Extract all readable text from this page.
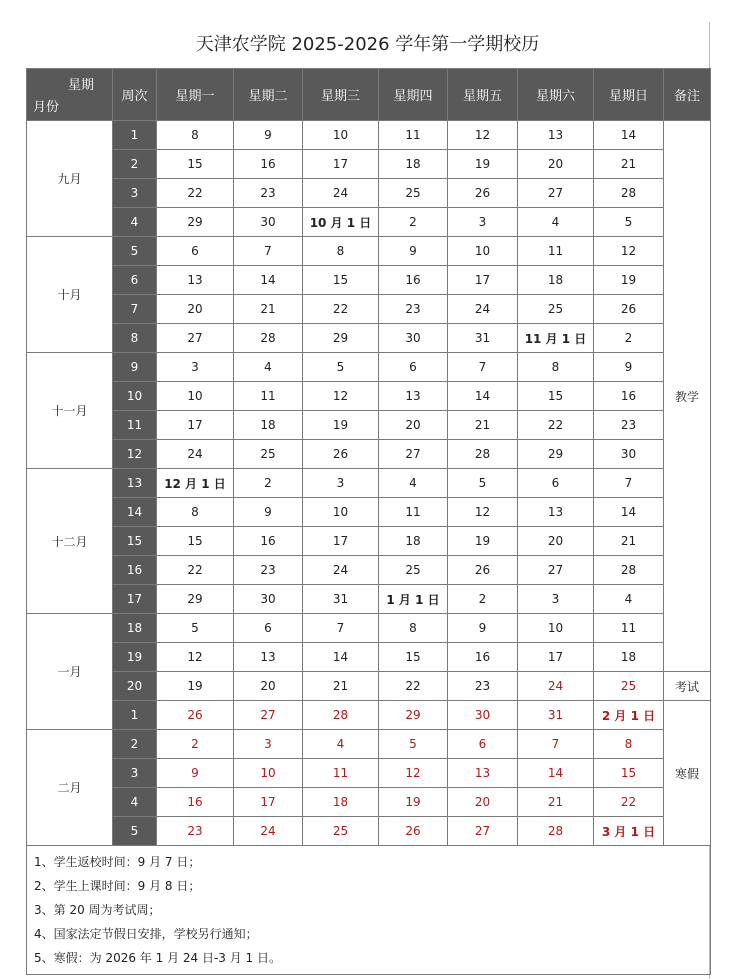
天津农学院 2025-2026 学年第一学期校历
星期
月份	周次	星期一	星期二	星期三	星期四	星期五	星期六	星期日	备注
九月	1	8	9	10	11	12	13	14	教学
	2	15	16	17	18	19	20	21	
	3	22	23	24	25	26	27	28	
	4	29	30	10 月 1 日	2	3	4	5	
十月	5	6	7	8	9	10	11	12	
	6	13	14	15	16	17	18	19	
	7	20	21	22	23	24	25	26	
	8	27	28	29	30	31	11 月 1 日	2	
十一月	9	3	4	5	6	7	8	9	
	10	10	11	12	13	14	15	16	
	11	17	18	19	20	21	22	23	
	12	24	25	26	27	28	29	30	
十二月	13	12 月 1 日	2	3	4	5	6	7	
	14	8	9	10	11	12	13	14	
	15	15	16	17	18	19	20	21	
	16	22	23	24	25	26	27	28	
	17	29	30	31	1 月 1 日	2	3	4	
一月	18	5	6	7	8	9	10	11	
	19	12	13	14	15	16	17	18	
	20	19	20	21	22	23	24	25	考试
	1	26	27	28	29	30	31	2 月 1 日	寒假
二月	2	2	3	4	5	6	7	8	
	3	9	10	11	12	13	14	15	
	4	16	17	18	19	20	21	22	
	5	23	24	25	26	27	28	3 月 1 日	

1、学生返校时间：9 月 7 日；
2、学生上课时间：9 月 8 日；
3、第 20 周为考试周；
4、国家法定节假日安排，学校另行通知；
5、寒假：为 2026 年 1 月 24 日-3 月 1 日。									
